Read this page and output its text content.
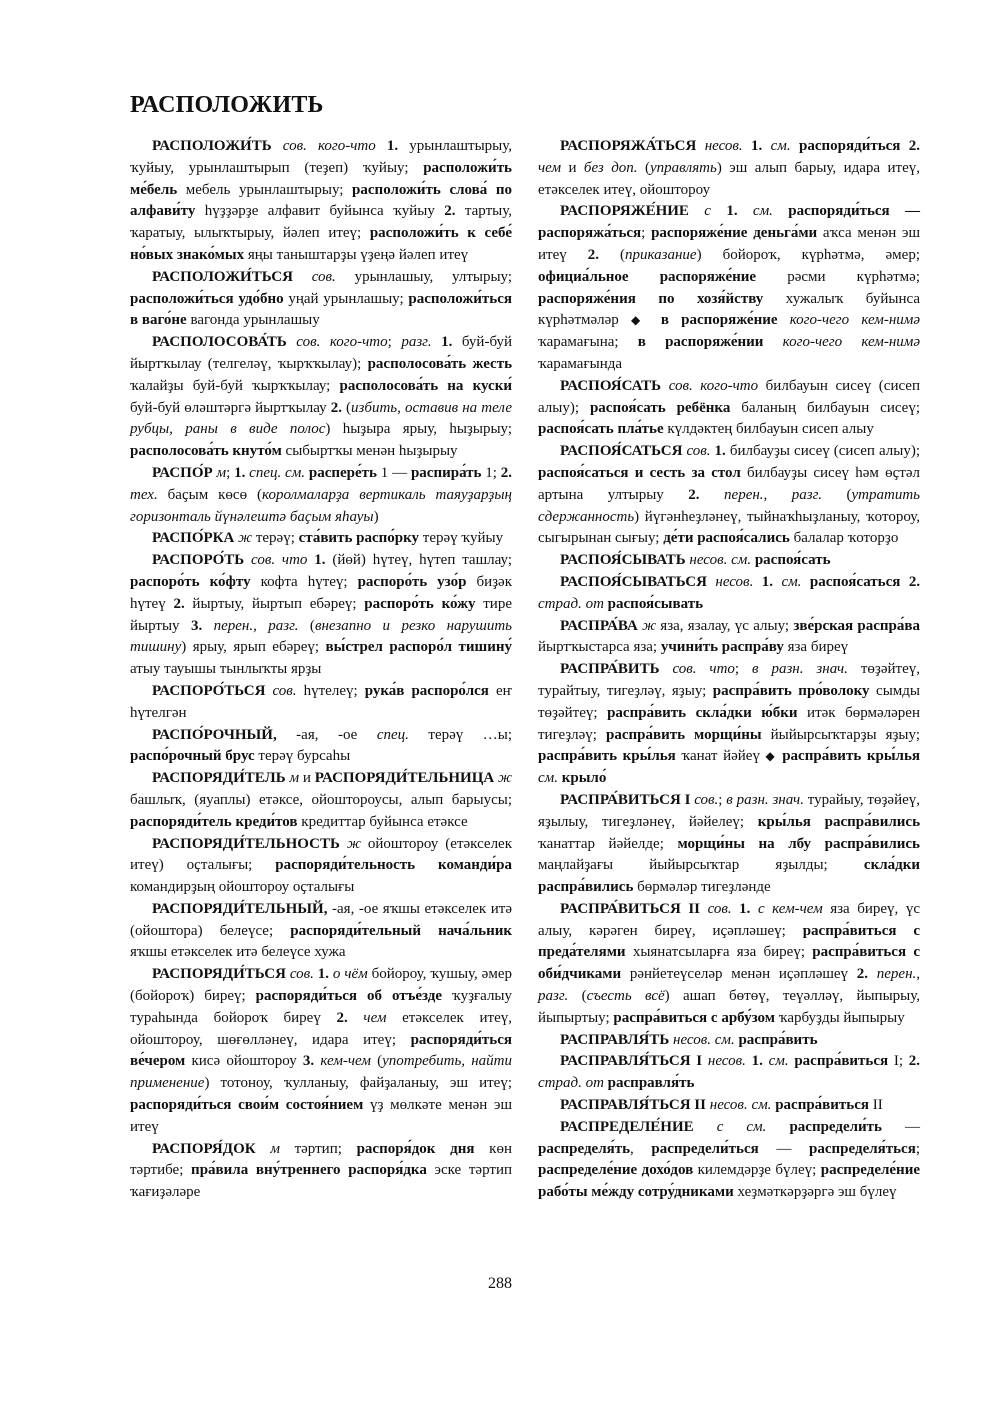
РАСПОЛОЖИТЬ

РАСПОЛОЖИ́ТЬ сов. кого-что 1. урынлаштырыу, ҡуйыу, урынлаштырып (теҙеп) ҡуйыу; расположи́ть ме́бель мебель урынлаштырыу; расположи́ть слова́ по алфави́ту һүҙҙәрҙе алфавит буйынса ҡуйыу 2. тартыу, ҡаратыу, ылыҡтырыу, йәлеп итеү; расположи́ть к себе́ но́вых знако́мых яңы таныштарҙы үҙеңә йәлеп итеү

РАСПОЛОЖИ́ТЬСЯ сов. урынлашыу, ултырыу; расположи́ться удо́бно уңай урынлашыу; расположи́ться в ваго́не вагонда урынлашыу

РАСПОЛОСОВА́ТЬ сов. кого-что; разг. 1. буй-буй йыртҡылау (телгеләү, ҡырҡҡылау); располосова́ть жесть ҡалайҙы буй-буй ҡырҡҡылау; располосова́ть на куски́ буй-буй өләштәргә йыртҡылау 2. (избить, оставив на теле рубцы, раны в виде полос) һыҙыра ярыу, һыҙырыу; располосова́ть кнуто́м сыбыртҡы менән һыҙырыу

РАСПО́Р м; 1. спец. см. распере́ть 1 — распира́ть 1; 2. тех. баҫым көсө (королмаларҙа вертикаль таяуҙарҙың горизонталь йүнәлештә баҫым яһауы)

РАСПО́РКА ж терәү; ста́вить распо́рку терәү ҡуйыу

РАСПОРО́ТЬ сов. что 1. (йөй) һүтеү, һүтеп ташлау; распоро́ть ко́фту кофта һүтеү; распоро́ть узо́р биҙәк һүтеү 2. йыртыу, йыртып ебәреү; распоро́ть ко́жу тире йыртыу 3. перен., разг. (внезапно и резко нарушить тишину) ярыу, ярып ебәреү; вы́стрел распоро́л тишину́ атыу тауышы тынлыҡты ярҙы

РАСПОРО́ТЬСЯ сов. һүтелеү; рука́в распоро́лся еҥ һүтелгән

РАСПО́РОЧНЫЙ, -ая, -ое спец. терәү …ы; распо́рочный брус терәү бурсаһы

РАСПОРЯДИ́ТЕЛЬ м и РАСПОРЯДИ́ТЕЛЬНИЦА ж башлыҡ, (яуаплы) етәксе, ойоштороусы, алып барыусы; распоряди́тель креди́тов кредиттар буйынса етәксе

РАСПОРЯДИ́ТЕЛЬНОСТЬ ж ойоштороу (етәкселек итеү) оҫталығы; распоряди́тельность команди́ра командирҙың ойоштороу оҫталығы

РАСПОРЯДИ́ТЕЛЬНЫЙ, -ая, -ое яҡшы етәкселек итә (ойоштора) белеүсе; распоряди́тельный нача́льник яҡшы етәкселек итә белеүсе хужа

РАСПОРЯДИ́ТЬСЯ сов. 1. о чём бойороу, ҡушыу, әмер (бойороҡ) биреү; распоряди́ться об отъе́зде ҡуҙғалыу тураһында бойороҡ биреү 2. чем етәкселек итеү, ойоштороу, шөғөлләнеү, идара итеү; распоряди́ться ве́чером кисә ойоштороу 3. кем-чем (употребить, найти применение) тотоноу, ҡулланыу, файҙаланыу, эш итеү; распоряди́ться свои́м состоя́нием үҙ мөлкәте менән эш итеү

РАСПОРЯ́ДОК м тәртип; распоря́док дня көн тәртибе; пра́вила вну́треннего распоря́дка эске тәртип ҡағиҙәләре

РАСПОРЯЖА́ТЬСЯ несов. 1. см. распоряди́ться 2. чем и без доп. (управлять) эш алып барыу, идара итеү, етәкселек итеү, ойоштороу

РАСПОРЯЖЕ́НИЕ с 1. см. распоряди́ться — распоряжа́ться; распоряже́ние деньга́ми аҡса менән эш итеү 2. (приказание) бойороҡ, күрһәтмә, әмер; официа́льное распоряже́ние рәсми күрһәтмә; распоряже́ния по хозя́йству хужалыҡ буйынса күрһәтмәләр ◆ в распоряже́ние кого-чего кем-нимә ҡарамағына; в распоряже́нии кого-чего кем-нимә ҡарамағында

РАСПОЯ́САТЬ сов. кого-что билбауын сисеү (сисеп алыу); распоя́сать ребёнка баланың билбауын сисеү; распоя́сать пла́тье күлдәктең билбауын сисеп алыу

РАСПОЯ́САТЬСЯ сов. 1. билбауҙы сисеү (сисеп алыу); распоя́саться и сесть за стол билбауҙы сисеү һәм өҫтәл артына ултырыу 2. перен., разг. (утратить сдержанность) йүгәнһеҙләнеү, тыйнаҡһыҙланыу, ҡотороу, сыгырынан сығыу; де́ти распоя́сались балалар ҡоторҙо

РАСПОЯ́СЫВАТЬ несов. см. распоя́сать

РАСПОЯ́СЫВАТЬСЯ несов. 1. см. распоя́саться 2. страд. от распоя́сывать

РАСПРА́ВА ж яза, язалау, үс алыу; зве́рская распра́ва йыртҡыстарса яза; учини́ть распра́ву яза биреү

РАСПРА́ВИТЬ сов. что; в разн. знач. төҙәйтеү, турайтыу, тигеҙләү, яҙыу; распра́вить про́волоку сымды төҙәйтеү; распра́вить скла́дки ю́бки итәк бөрмәләрен тигеҙләү; распра́вить морщи́ны йыйырсыҡтарҙы яҙыу; распра́вить кры́лья ҡанат йәйеү ◆ распра́вить кры́лья см. крыло́

РАСПРА́ВИТЬСЯ I сов.; в разн. знач. турайыу, төҙәйеү, яҙылыу, тигеҙләнеү, йәйелеү; кры́лья распра́вились ҡанаттар йәйелде; морщи́ны на лбу распра́вились маңлайҙағы йыйырсыҡтар яҙылды; скла́дки распра́вились бөрмәләр тигеҙләнде

РАСПРА́ВИТЬСЯ II сов. 1. с кем-чем яза биреү, үс алыу, кәрәген биреү, иҫәпләшеү; распра́виться с преда́телями хыянатсыларға яза биреү; распра́виться с оби́дчиками рәнйетеүселәр менән иҫәпләшеү 2. перен., разг. (съесть всё) ашап бөтөү, теүәлләү, йыпырыу, йыпыртыу; распра́виться с арбу́зом ҡарбуҙды йыпырыу

РАСПРАВЛЯ́ТЬ несов. см. распра́вить

РАСПРАВЛЯ́ТЬСЯ I несов. 1. см. распра́виться I; 2. страд. от расправля́ть

РАСПРАВЛЯ́ТЬСЯ II несов. см. распра́виться II

РАСПРЕДЕЛЕ́НИЕ с см. распредели́ть — распределя́ть, распредели́ться — распределя́ться; распределе́ние дохо́дов килемдәрҙе бүлеү; распределе́ние рабо́ты ме́жду сотру́дниками хеҙмәткәрҙәргә эш бүлеү

288
